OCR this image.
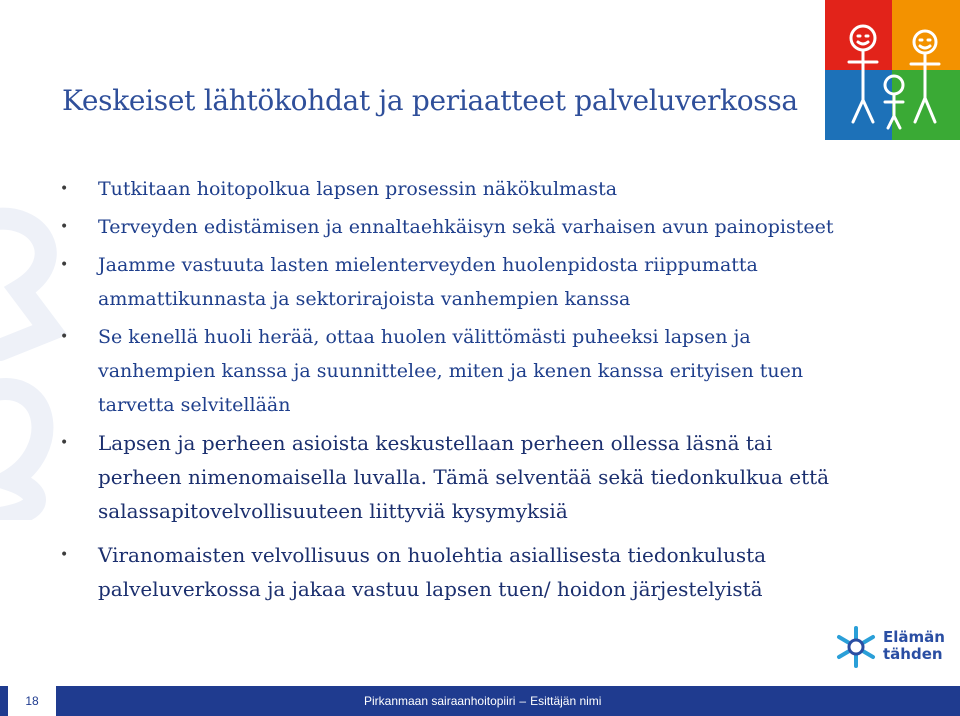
Keskeiset lähtökohdat ja periaatteet palveluverkossa
• Tutkitaan hoitopolkua lapsen prosessin näkökulmasta
• Terveyden edistämisen ja ennaltaehkäisyn sekä varhaisen avun painopisteet
• Jaamme vastuuta lasten mielenterveyden huolenpidosta riippumatta ammattikunnasta ja sektorirajoista vanhempien kanssa
• Se kenellä huoli herää, ottaa huolen välittömästi puheeksi lapsen ja vanhempien kanssa ja suunnittelee, miten ja kenen kanssa erityisen tuen tarvetta selvitellään
• Lapsen ja perheen asioista keskustellaan perheen ollessa läsnä tai perheen nimenomaisella luvalla. Tämä selventää sekä tiedonkulkua että salassapitovelvollisuuteen liittyviä kysymyksiä
• Viranomaisten velvollisuus on huolehtia asiallisesta tiedonkulusta palveluverkossa ja jakaa vastuu lapsen tuen/ hoidon järjestelyistä
Elämän
tähden
18	Pirkanmaan sairaanhoitopiiri – Esittäjän nimi
